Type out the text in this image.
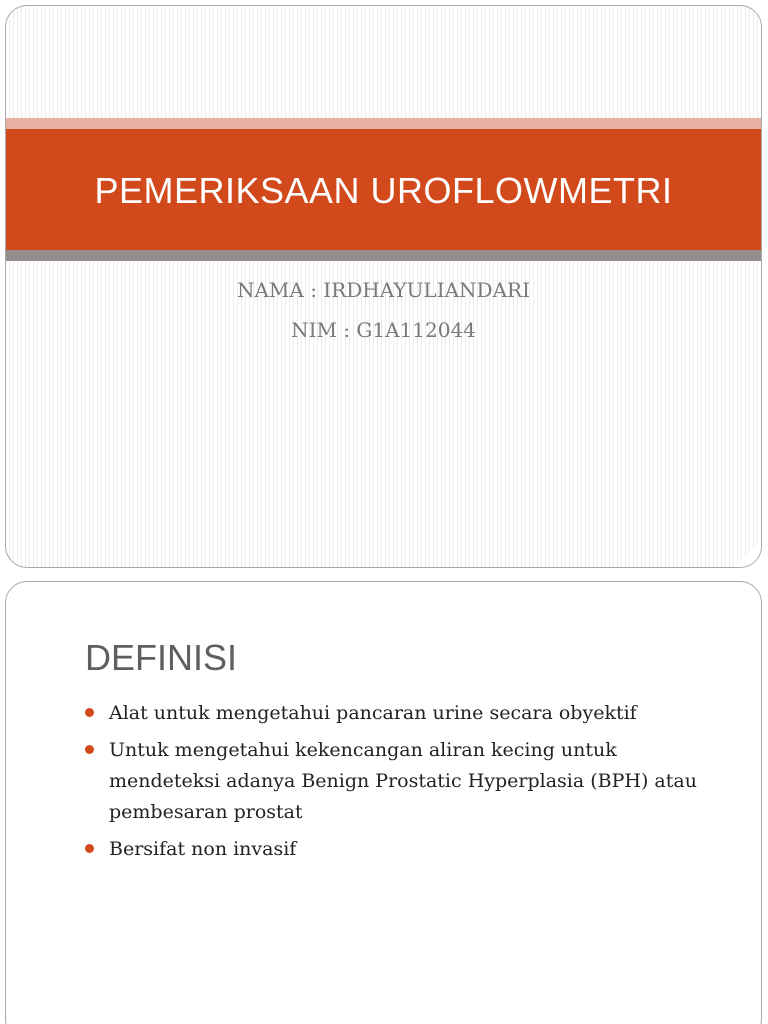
PEMERIKSAAN UROFLOWMETRI
NAMA : IRDHAYULIANDARI
NIM : G1A112044
DEFINISI
Alat untuk mengetahui pancaran urine secara obyektif
Untuk mengetahui kekencangan aliran kecing untuk mendeteksi adanya Benign Prostatic Hyperplasia (BPH) atau pembesaran prostat
Bersifat non invasif
